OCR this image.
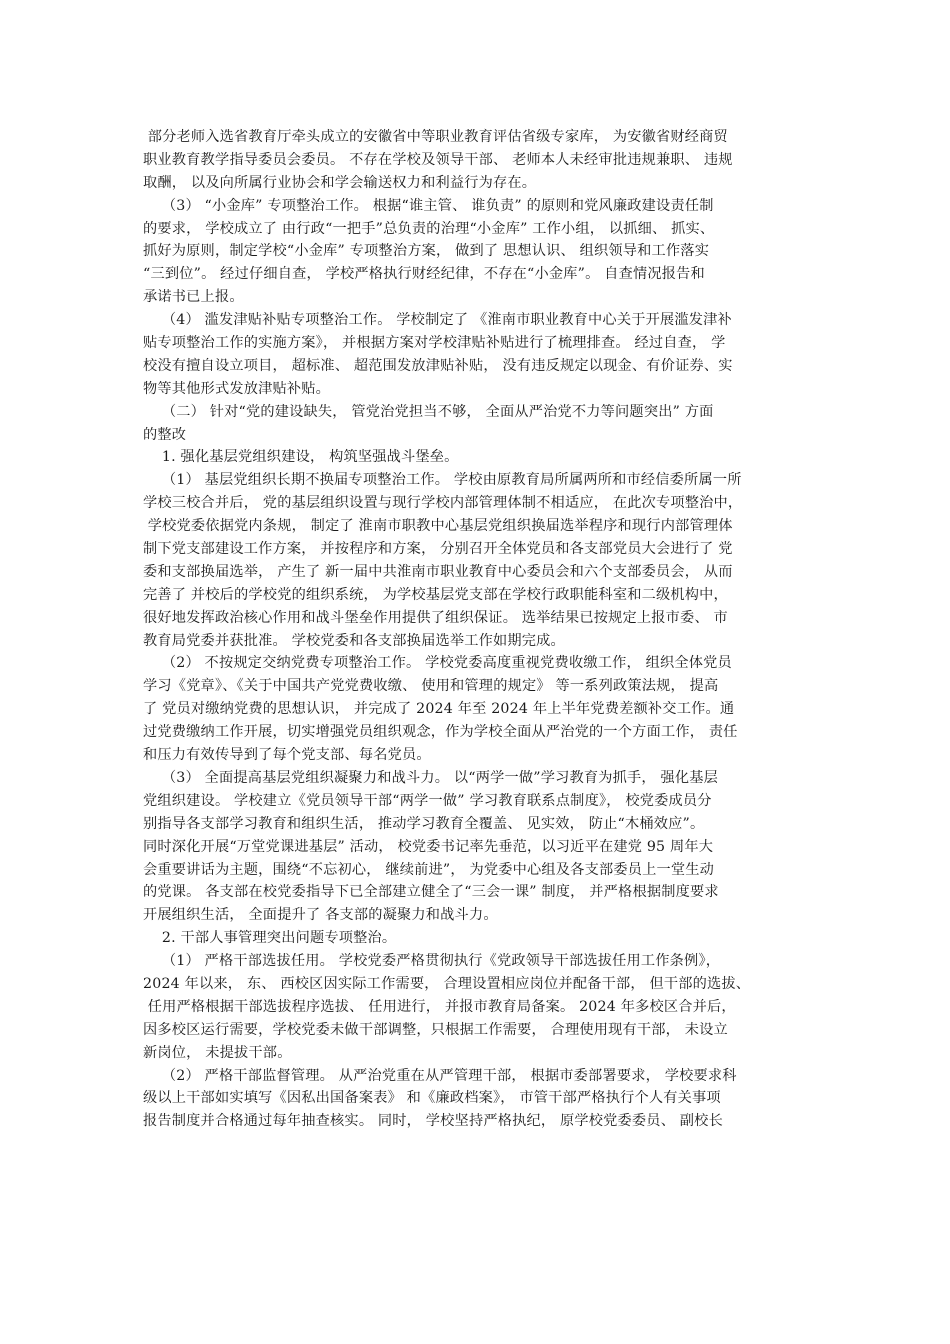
部分老师入选省教育厅牵头成立的安徽省中等职业教育评估省级专家库， 为安徽省财经商贸
职业教育教学指导委员会委员。 不存在学校及领导干部、 老师本人未经审批违规兼职、 违规
取酬， 以及向所属行业协会和学会输送权力和利益行为存在。
（3） “小金库” 专项整治工作。 根据“谁主管、 谁负责” 的原则和党风廉政建设责任制
的要求， 学校成立了 由行政“一把手”总负责的治理“小金库” 工作小组， 以抓细、 抓实、
抓好为原则，制定学校“小金库” 专项整治方案， 做到了 思想认识、 组织领导和工作落实
“三到位”。 经过仔细自查， 学校严格执行财经纪律，不存在“小金库”。 自查情况报告和
承诺书已上报。
（4） 滥发津贴补贴专项整治工作。 学校制定了 《淮南市职业教育中心关于开展滥发津补
贴专项整治工作的实施方案》， 并根据方案对学校津贴补贴进行了梳理排查。 经过自查， 学
校没有擅自设立项目， 超标准、 超范围发放津贴补贴， 没有违反规定以现金、有价证券、实
物等其他形式发放津贴补贴。
（二） 针对“党的建设缺失， 管党治党担当不够， 全面从严治党不力等问题突出” 方面
的整改
1. 强化基层党组织建设， 构筑坚强战斗堡垒。
（1） 基层党组织长期不换届专项整治工作。 学校由原教育局所属两所和市经信委所属一所
学校三校合并后， 党的基层组织设置与现行学校内部管理体制不相适应， 在此次专项整治中，
学校党委依据党内条规， 制定了 淮南市职教中心基层党组织换届选举程序和现行内部管理体
制下党支部建设工作方案， 并按程序和方案， 分别召开全体党员和各支部党员大会进行了 党
委和支部换届选举， 产生了 新一届中共淮南市职业教育中心委员会和六个支部委员会， 从而
完善了 并校后的学校党的组织系统， 为学校基层党支部在学校行政职能科室和二级机构中，
很好地发挥政治核心作用和战斗堡垒作用提供了组织保证。 选举结果已按规定上报市委、 市
教育局党委并获批准。 学校党委和各支部换届选举工作如期完成。
（2） 不按规定交纳党费专项整治工作。 学校党委高度重视党费收缴工作， 组织全体党员
学习《党章》、《关于中国共产党党费收缴、 使用和管理的规定》 等一系列政策法规， 提高
了 党员对缴纳党费的思想认识， 并完成了 2024 年至 2024 年上半年党费差额补交工作。通
过党费缴纳工作开展，切实增强党员组织观念，作为学校全面从严治党的一个方面工作， 责任
和压力有效传导到了每个党支部、每名党员。
（3） 全面提高基层党组织凝聚力和战斗力。 以“两学一做”学习教育为抓手， 强化基层
党组织建设。 学校建立《党员领导干部“两学一做” 学习教育联系点制度》， 校党委成员分
别指导各支部学习教育和组织生活， 推动学习教育全覆盖、 见实效， 防止“木桶效应”。
同时深化开展“万堂党课进基层” 活动， 校党委书记率先垂范，以习近平在建党 95 周年大
会重要讲话为主题，围绕“不忘初心， 继续前进”， 为党委中心组及各支部委员上一堂生动
的党课。 各支部在校党委指导下已全部建立健全了“三会一课” 制度， 并严格根据制度要求
开展组织生活， 全面提升了 各支部的凝聚力和战斗力。
2. 干部人事管理突出问题专项整治。
（1） 严格干部选拔任用。 学校党委严格贯彻执行《党政领导干部选拔任用工作条例》，
2024 年以来， 东、 西校区因实际工作需要， 合理设置相应岗位并配备干部， 但干部的选拔、
任用严格根据干部选拔程序选拔、 任用进行， 并报市教育局备案。 2024 年多校区合并后，
因多校区运行需要，学校党委未做干部调整，只根据工作需要， 合理使用现有干部， 未设立
新岗位， 未提拔干部。
（2） 严格干部监督管理。 从严治党重在从严管理干部， 根据市委部署要求， 学校要求科
级以上干部如实填写《因私出国备案表》 和《廉政档案》， 市管干部严格执行个人有关事项
报告制度并合格通过每年抽查核实。 同时， 学校坚持严格执纪， 原学校党委委员、 副校长
